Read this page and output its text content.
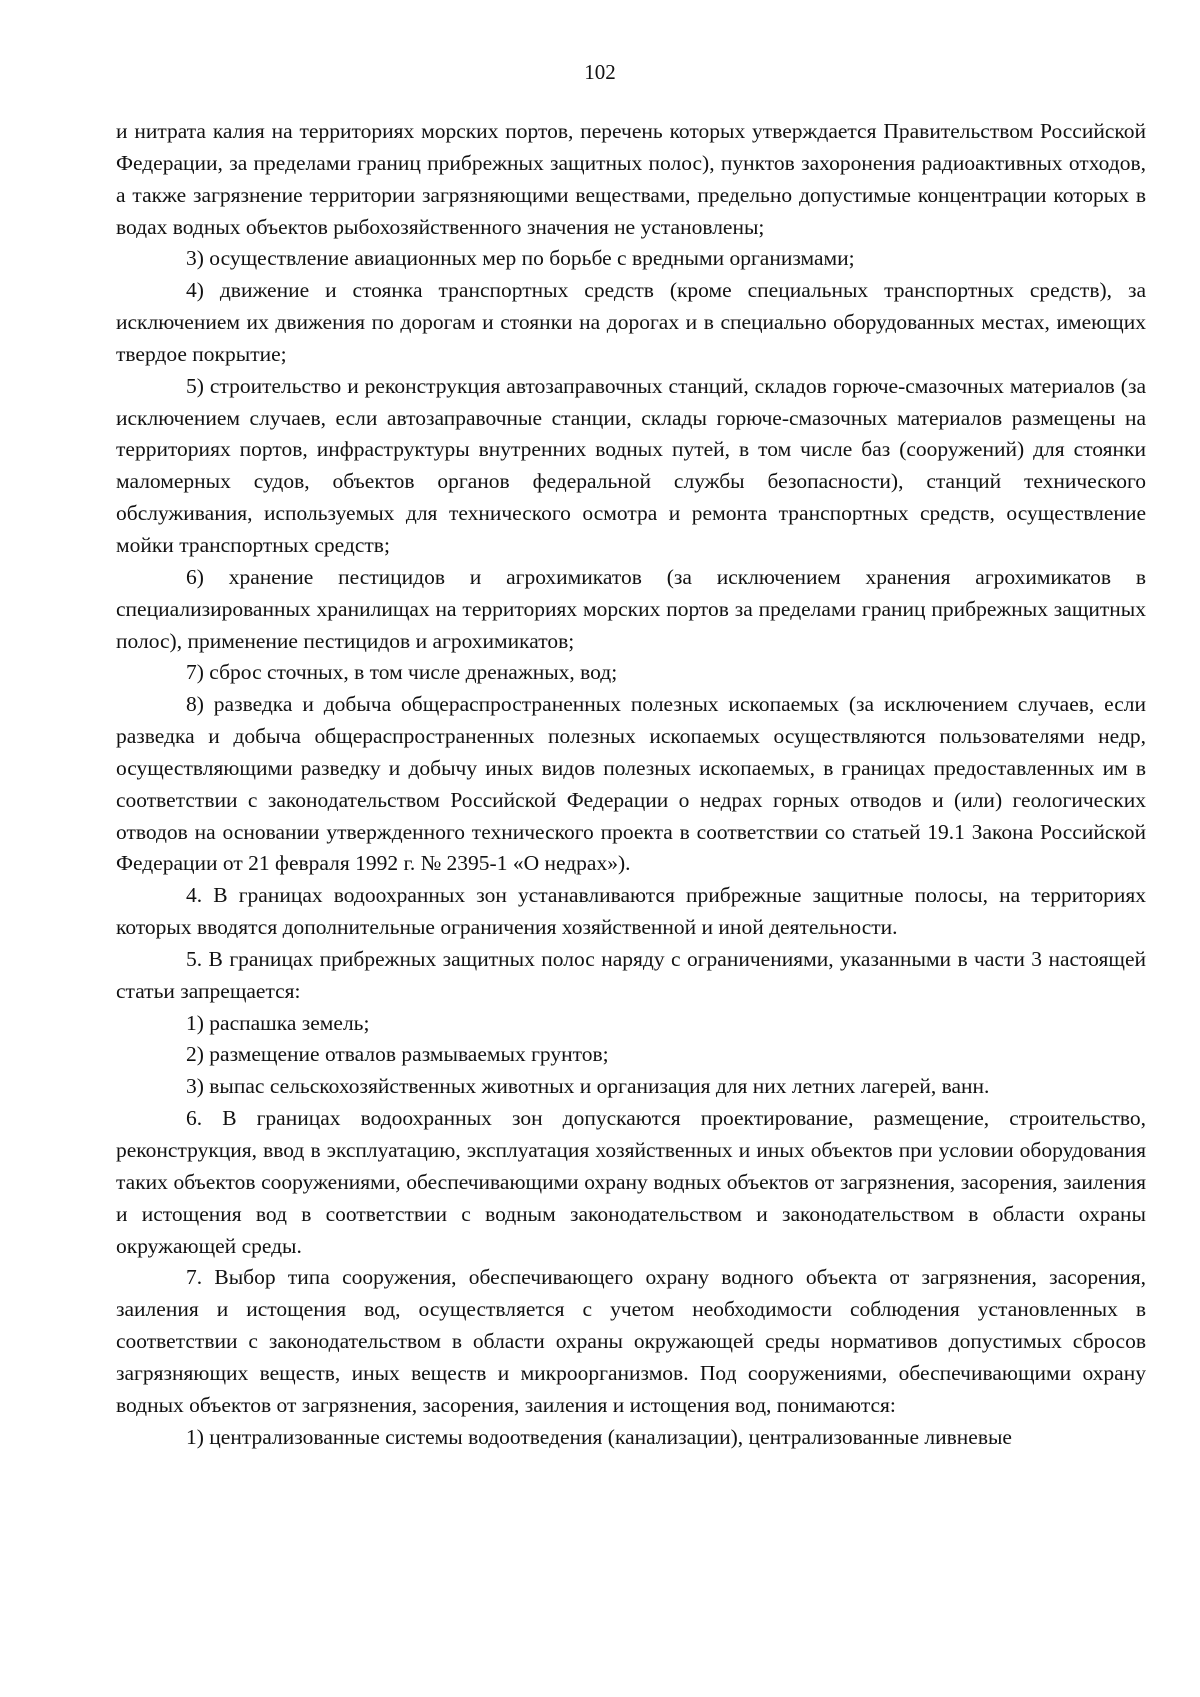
102

и нитрата калия на территориях морских портов, перечень которых утверждается Правительством Российской Федерации, за пределами границ прибрежных защитных полос), пунктов захоронения радиоактивных отходов, а также загрязнение территории загрязняющими веществами, предельно допустимые концентрации которых в водах водных объектов рыбохозяйственного значения не установлены;

3) осуществление авиационных мер по борьбе с вредными организмами;

4) движение и стоянка транспортных средств (кроме специальных транспортных средств), за исключением их движения по дорогам и стоянки на дорогах и в специально оборудованных местах, имеющих твердое покрытие;

5) строительство и реконструкция автозаправочных станций, складов горюче-смазочных материалов (за исключением случаев, если автозаправочные станции, склады горюче-смазочных материалов размещены на территориях портов, инфраструктуры внутренних водных путей, в том числе баз (сооружений) для стоянки маломерных судов, объектов органов федеральной службы безопасности), станций технического обслуживания, используемых для технического осмотра и ремонта транспортных средств, осуществление мойки транспортных средств;

6) хранение пестицидов и агрохимикатов (за исключением хранения агрохимикатов в специализированных хранилищах на территориях морских портов за пределами границ прибрежных защитных полос), применение пестицидов и агрохимикатов;

7) сброс сточных, в том числе дренажных, вод;

8) разведка и добыча общераспространенных полезных ископаемых (за исключением случаев, если разведка и добыча общераспространенных полезных ископаемых осуществляются пользователями недр, осуществляющими разведку и добычу иных видов полезных ископаемых, в границах предоставленных им в соответствии с законодательством Российской Федерации о недрах горных отводов и (или) геологических отводов на основании утвержденного технического проекта в соответствии со статьей 19.1 Закона Российской Федерации от 21 февраля 1992 г. № 2395-1 «О недрах»).

4. В границах водоохранных зон устанавливаются прибрежные защитные полосы, на территориях которых вводятся дополнительные ограничения хозяйственной и иной деятельности.

5. В границах прибрежных защитных полос наряду с ограничениями, указанными в части 3 настоящей статьи запрещается:

1) распашка земель;

2) размещение отвалов размываемых грунтов;

3) выпас сельскохозяйственных животных и организация для них летних лагерей, ванн.

6. В границах водоохранных зон допускаются проектирование, размещение, строительство, реконструкция, ввод в эксплуатацию, эксплуатация хозяйственных и иных объектов при условии оборудования таких объектов сооружениями, обеспечивающими охрану водных объектов от загрязнения, засорения, заиления и истощения вод в соответствии с водным законодательством и законодательством в области охраны окружающей среды.

7. Выбор типа сооружения, обеспечивающего охрану водного объекта от загрязнения, засорения, заиления и истощения вод, осуществляется с учетом необходимости соблюдения установленных в соответствии с законодательством в области охраны окружающей среды нормативов допустимых сбросов загрязняющих веществ, иных веществ и микроорганизмов. Под сооружениями, обеспечивающими охрану водных объектов от загрязнения, засорения, заиления и истощения вод, понимаются:

1) централизованные системы водоотведения (канализации), централизованные ливневые
